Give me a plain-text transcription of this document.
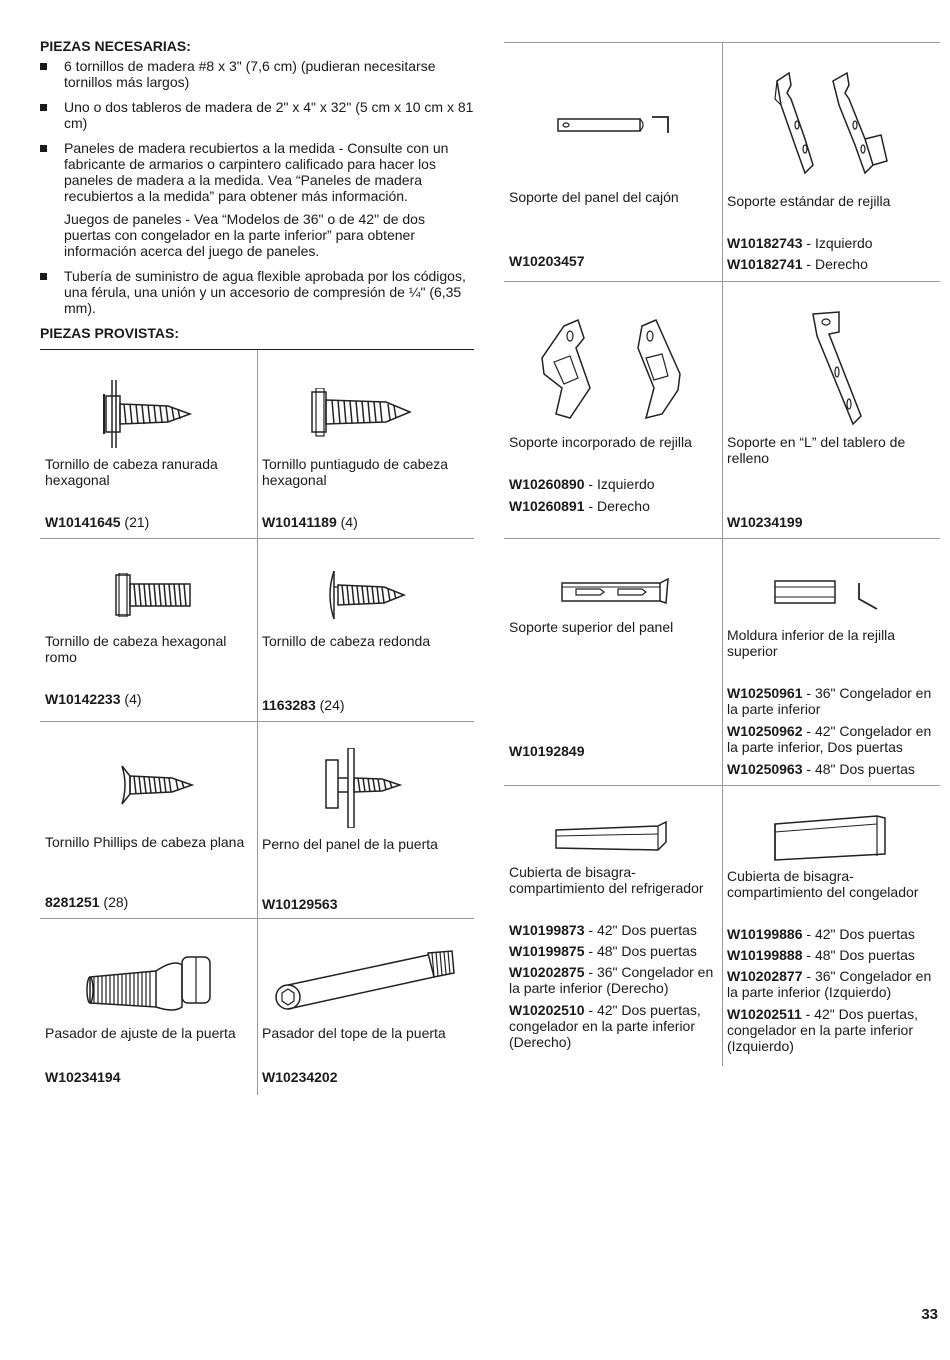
PIEZAS NECESARIAS:
6 tornillos de madera #8 x 3" (7,6 cm) (pudieran necesitarse tornillos más largos)
Uno o dos tableros de madera de 2" x 4" x 32" (5 cm x 10 cm x 81 cm)
Paneles de madera recubiertos a la medida - Consulte con un fabricante de armarios o carpintero calificado para hacer los paneles de madera a la medida. Vea “Paneles de madera recubiertos a la medida” para obtener más información.
Juegos de paneles - Vea “Modelos de 36" o de 42" de dos puertas con congelador en la parte inferior” para obtener información acerca del juego de paneles.
Tubería de suministro de agua flexible aprobada por los códigos, una férula, una unión y un accesorio de compresión de ¼" (6,35 mm).
PIEZAS PROVISTAS:
Tornillo de cabeza ranurada hexagonal
W10141645 (21)
Tornillo puntiagudo de cabeza hexagonal
W10141189 (4)
Tornillo de cabeza hexagonal romo
W10142233 (4)
Tornillo de cabeza redonda
1163283 (24)
Tornillo Phillips de cabeza plana
8281251 (28)
Perno del panel de la puerta
W10129563
Pasador de ajuste de la puerta
W10234194
Pasador del tope de la puerta
W10234202
Soporte del panel del cajón
W10203457
Soporte estándar de rejilla
W10182743 - Izquierdo
W10182741 - Derecho
Soporte incorporado de rejilla
W10260890 - Izquierdo
W10260891 - Derecho
Soporte en “L” del tablero de relleno
W10234199
Soporte superior del panel
W10192849
Moldura inferior de la rejilla superior
W10250961 - 36" Congelador en la parte inferior
W10250962 - 42" Congelador en la parte inferior, Dos puertas
W10250963 - 48" Dos puertas
Cubierta de bisagra- compartimiento del refrigerador
W10199873 - 42" Dos puertas
W10199875 - 48" Dos puertas
W10202875 - 36" Congelador en la parte inferior (Derecho)
W10202510 - 42" Dos puertas, congelador en la parte inferior (Derecho)
Cubierta de bisagra- compartimiento del congelador
W10199886 - 42" Dos puertas
W10199888 - 48" Dos puertas
W10202877 - 36" Congelador en la parte inferior (Izquierdo)
W10202511 - 42" Dos puertas, congelador en la parte inferior (Izquierdo)
33
